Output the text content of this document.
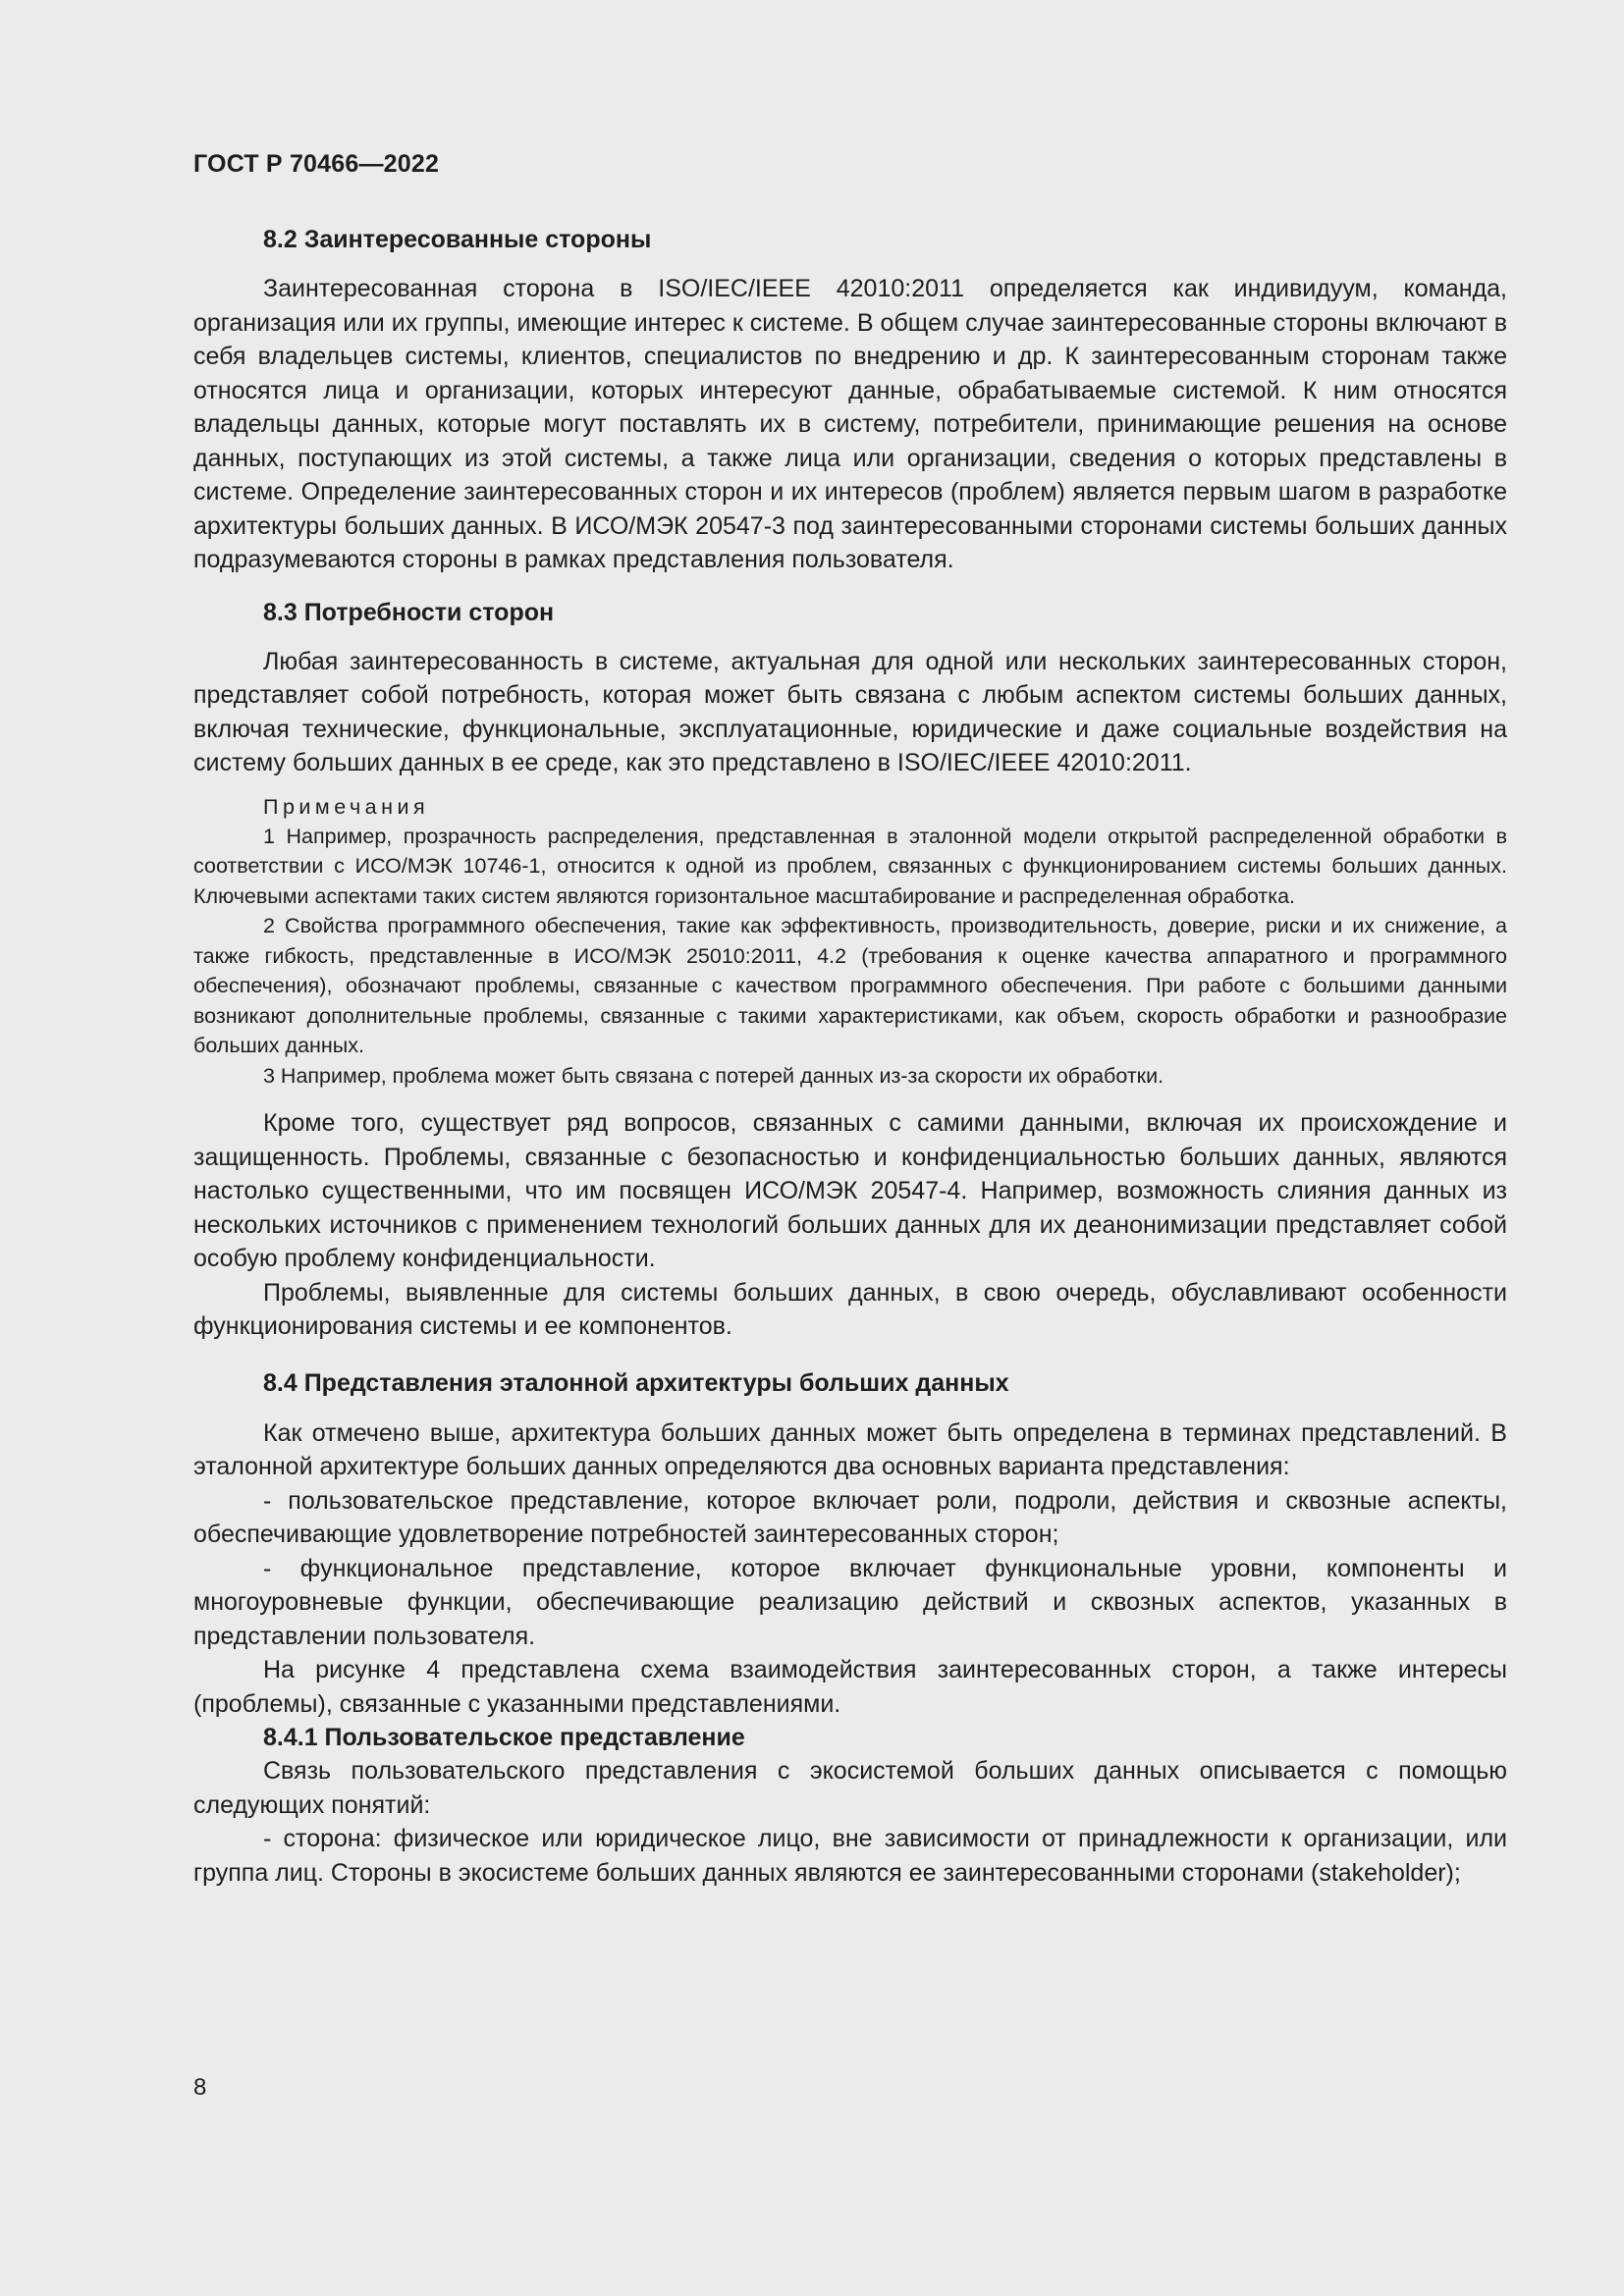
ГОСТ Р 70466—2022
8.2 Заинтересованные стороны

Заинтересованная сторона в ISO/IEC/IEEE 42010:2011 определяется как индивидуум, команда, организация или их группы, имеющие интерес к системе. В общем случае заинтересованные стороны включают в себя владельцев системы, клиентов, специалистов по внедрению и др. К заинтересованным сторонам также относятся лица и организации, которых интересуют данные, обрабатываемые системой. К ним относятся владельцы данных, которые могут поставлять их в систему, потребители, принимающие решения на основе данных, поступающих из этой системы, а также лица или организации, сведения о которых представлены в системе. Определение заинтересованных сторон и их интересов (проблем) является первым шагом в разработке архитектуры больших данных. В ИСО/МЭК 20547-3 под заинтересованными сторонами системы больших данных подразумеваются стороны в рамках представления пользователя.

8.3 Потребности сторон

Любая заинтересованность в системе, актуальная для одной или нескольких заинтересованных сторон, представляет собой потребность, которая может быть связана с любым аспектом системы больших данных, включая технические, функциональные, эксплуатационные, юридические и даже социальные воздействия на систему больших данных в ее среде, как это представлено в ISO/IEC/IEEE 42010:2011.

Примечания

1 Например, прозрачность распределения, представленная в эталонной модели открытой распределенной обработки в соответствии с ИСО/МЭК 10746-1, относится к одной из проблем, связанных с функционированием системы больших данных. Ключевыми аспектами таких систем являются горизонтальное масштабирование и распределенная обработка.

2 Свойства программного обеспечения, такие как эффективность, производительность, доверие, риски и их снижение, а также гибкость, представленные в ИСО/МЭК 25010:2011, 4.2 (требования к оценке качества аппаратного и программного обеспечения), обозначают проблемы, связанные с качеством программного обеспечения. При работе с большими данными возникают дополнительные проблемы, связанные с такими характеристиками, как объем, скорость обработки и разнообразие больших данных.

3 Например, проблема может быть связана с потерей данных из-за скорости их обработки.

Кроме того, существует ряд вопросов, связанных с самими данными, включая их происхождение и защищенность. Проблемы, связанные с безопасностью и конфиденциальностью больших данных, являются настолько существенными, что им посвящен ИСО/МЭК 20547-4. Например, возможность слияния данных из нескольких источников с применением технологий больших данных для их деанонимизации представляет собой особую проблему конфиденциальности.

Проблемы, выявленные для системы больших данных, в свою очередь, обуславливают особенности функционирования системы и ее компонентов.

8.4 Представления эталонной архитектуры больших данных

Как отмечено выше, архитектура больших данных может быть определена в терминах представлений. В эталонной архитектуре больших данных определяются два основных варианта представления:

- пользовательское представление, которое включает роли, подроли, действия и сквозные аспекты, обеспечивающие удовлетворение потребностей заинтересованных сторон;

- функциональное представление, которое включает функциональные уровни, компоненты и многоуровневые функции, обеспечивающие реализацию действий и сквозных аспектов, указанных в представлении пользователя.

На рисунке 4 представлена схема взаимодействия заинтересованных сторон, а также интересы (проблемы), связанные с указанными представлениями.

8.4.1 Пользовательское представление

Связь пользовательского представления с экосистемой больших данных описывается с помощью следующих понятий:

- сторона: физическое или юридическое лицо, вне зависимости от принадлежности к организации, или группа лиц. Стороны в экосистеме больших данных являются ее заинтересованными сторонами (stakeholder);

8
